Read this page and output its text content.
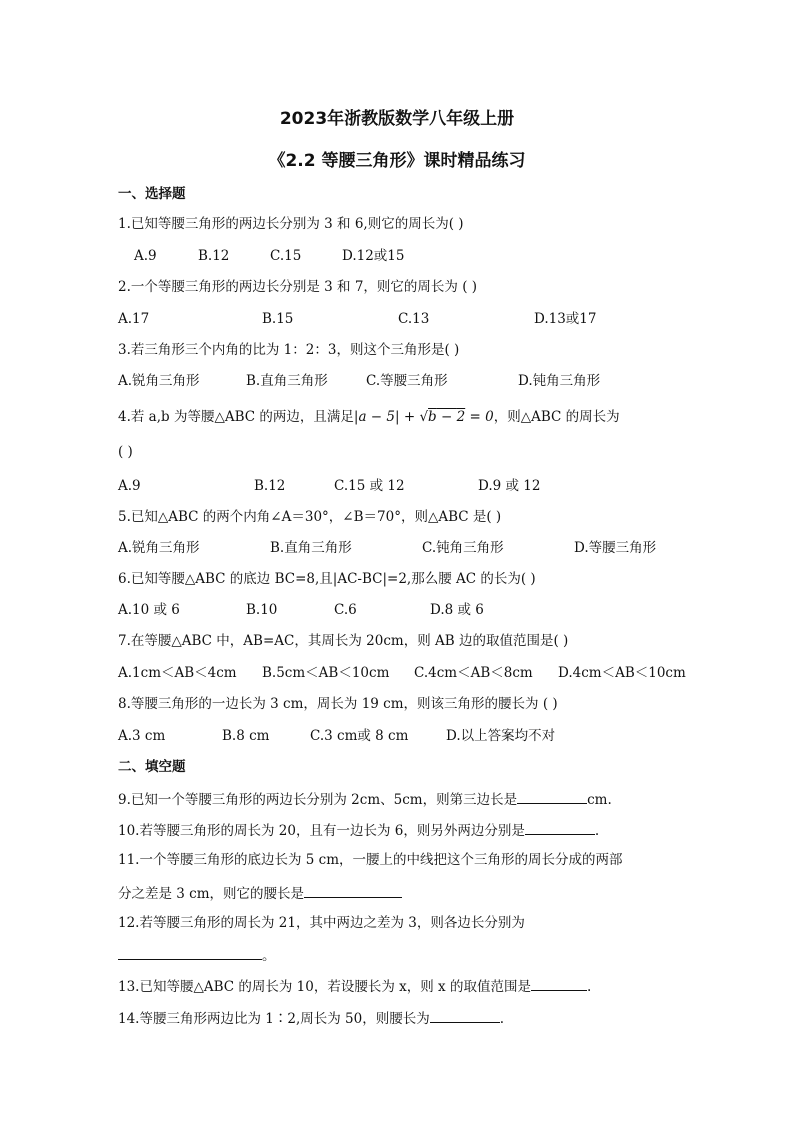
2023年浙教版数学八年级上册
《2.2 等腰三角形》课时精品练习
一、选择题
1.已知等腰三角形的两边长分别为 3 和 6,则它的周长为( )
A.9	B.12	C.15	D.12或15
2.一个等腰三角形的两边长分别是 3 和 7，则它的周长为 ( )
A.17	B.15	C.13	D.13或17
3.若三角形三个内角的比为 1：2：3，则这个三角形是( )
A.锐角三角形	B.直角三角形	C.等腰三角形	D.钝角三角形
4.若 a,b 为等腰△ABC 的两边，且满足|a − 5| + √b − 2 = 0，则△ABC 的周长为
( )
A.9	B.12	C.15 或 12	D.9 或 12
5.已知△ABC 的两个内角∠A＝30°，∠B＝70°，则△ABC 是( )
A.锐角三角形	B.直角三角形	C.钝角三角形	D.等腰三角形
6.已知等腰△ABC 的底边 BC=8,且|AC-BC|=2,那么腰 AC 的长为( )
A.10 或 6	B.10	C.6	D.8 或 6
7.在等腰△ABC 中，AB=AC，其周长为 20cm，则 AB 边的取值范围是( )
A.1cm＜AB＜4cm B.5cm＜AB＜10cm C.4cm＜AB＜8cm D.4cm＜AB＜10cm
8.等腰三角形的一边长为 3 cm，周长为 19 cm，则该三角形的腰长为 ( )
A.3 cm	B.8 cm	C.3 cm或 8 cm	D.以上答案均不对
二、填空题
9.已知一个等腰三角形的两边长分别为 2cm、5cm，则第三边长是	cm.
10.若等腰三角形的周长为 20，且有一边长为 6，则另外两边分别是	.
11.一个等腰三角形的底边长为 5 cm，一腰上的中线把这个三角形的周长分成的两部
分之差是 3 cm，则它的腰长是
12.若等腰三角形的周长为 21，其中两边之差为 3，则各边长分别为
。
13.已知等腰△ABC 的周长为 10，若设腰长为 x，则 x 的取值范围是	.
14.等腰三角形两边比为 1∶2,周长为 50，则腰长为	.
